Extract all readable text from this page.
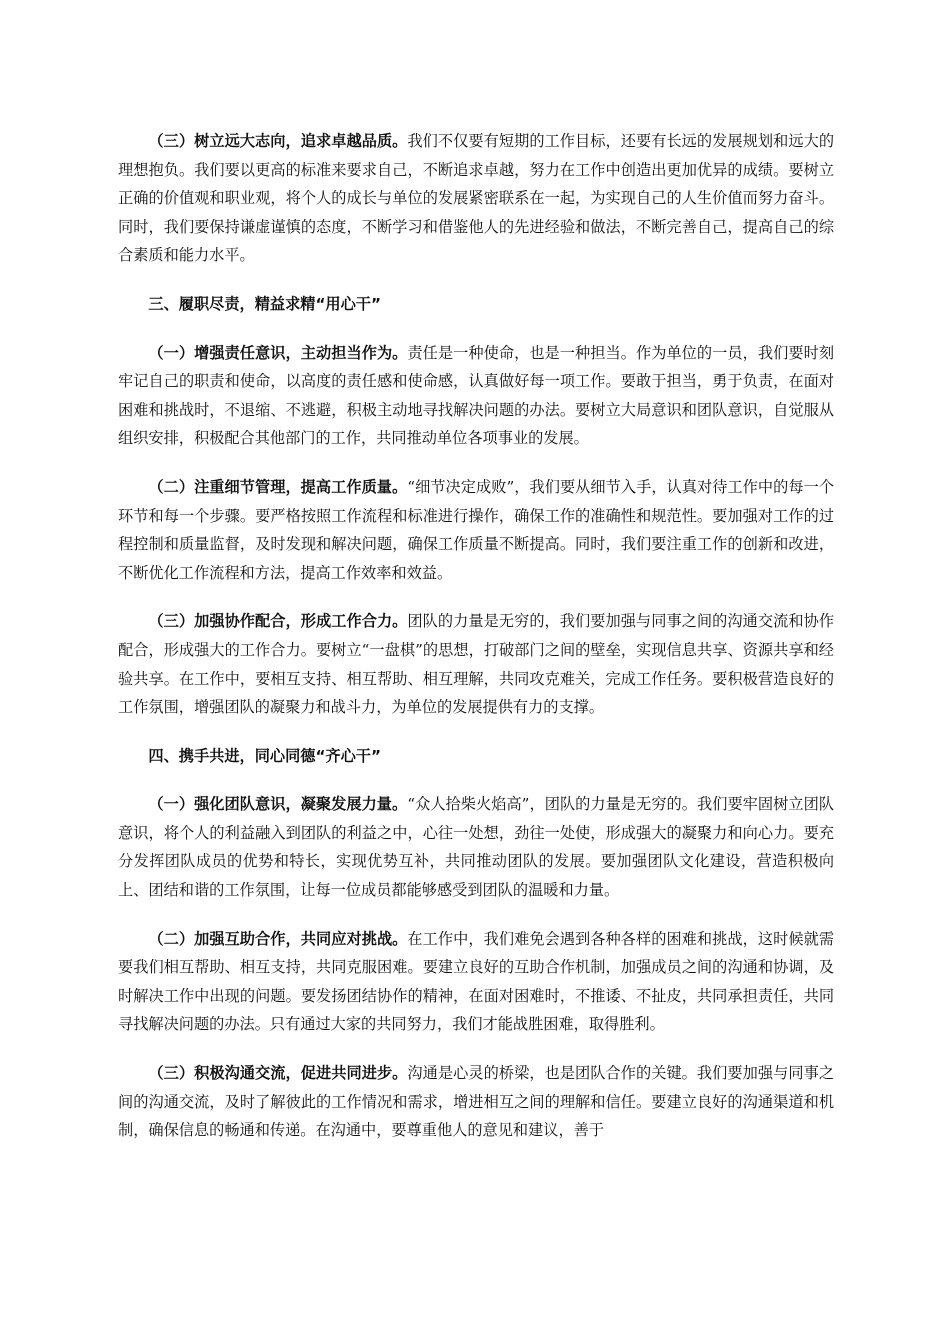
（三）树立远大志向，追求卓越品质。我们不仅要有短期的工作目标，还要有长远的发展规划和远大的理想抱负。我们要以更高的标准来要求自己，不断追求卓越，努力在工作中创造出更加优异的成绩。要树立正确的价值观和职业观，将个人的成长与单位的发展紧密联系在一起，为实现自己的人生价值而努力奋斗。同时，我们要保持谦虚谨慎的态度，不断学习和借鉴他人的先进经验和做法，不断完善自己，提高自己的综合素质和能力水平。

三、履职尽责，精益求精“用心干”

（一）增强责任意识，主动担当作为。责任是一种使命，也是一种担当。作为单位的一员，我们要时刻牢记自己的职责和使命，以高度的责任感和使命感，认真做好每一项工作。要敢于担当，勇于负责，在面对困难和挑战时，不退缩、不逃避，积极主动地寻找解决问题的办法。要树立大局意识和团队意识，自觉服从组织安排，积极配合其他部门的工作，共同推动单位各项事业的发展。

（二）注重细节管理，提高工作质量。“细节决定成败”，我们要从细节入手，认真对待工作中的每一个环节和每一个步骤。要严格按照工作流程和标准进行操作，确保工作的准确性和规范性。要加强对工作的过程控制和质量监督，及时发现和解决问题，确保工作质量不断提高。同时，我们要注重工作的创新和改进，不断优化工作流程和方法，提高工作效率和效益。

（三）加强协作配合，形成工作合力。团队的力量是无穷的，我们要加强与同事之间的沟通交流和协作配合，形成强大的工作合力。要树立“一盘棋”的思想，打破部门之间的壁垒，实现信息共享、资源共享和经验共享。在工作中，要相互支持、相互帮助、相互理解，共同攻克难关，完成工作任务。要积极营造良好的工作氛围，增强团队的凝聚力和战斗力，为单位的发展提供有力的支撑。

四、携手共进，同心同德“齐心干”

（一）强化团队意识，凝聚发展力量。“众人拾柴火焰高”，团队的力量是无穷的。我们要牢固树立团队意识，将个人的利益融入到团队的利益之中，心往一处想，劲往一处使，形成强大的凝聚力和向心力。要充分发挥团队成员的优势和特长，实现优势互补，共同推动团队的发展。要加强团队文化建设，营造积极向上、团结和谐的工作氛围，让每一位成员都能够感受到团队的温暖和力量。

（二）加强互助合作，共同应对挑战。在工作中，我们难免会遇到各种各样的困难和挑战，这时候就需要我们相互帮助、相互支持，共同克服困难。要建立良好的互助合作机制，加强成员之间的沟通和协调，及时解决工作中出现的问题。要发扬团结协作的精神，在面对困难时，不推诿、不扯皮，共同承担责任，共同寻找解决问题的办法。只有通过大家的共同努力，我们才能战胜困难，取得胜利。

（三）积极沟通交流，促进共同进步。沟通是心灵的桥梁，也是团队合作的关键。我们要加强与同事之间的沟通交流，及时了解彼此的工作情况和需求，增进相互之间的理解和信任。要建立良好的沟通渠道和机制，确保信息的畅通和传递。在沟通中，要尊重他人的意见和建议，善于
